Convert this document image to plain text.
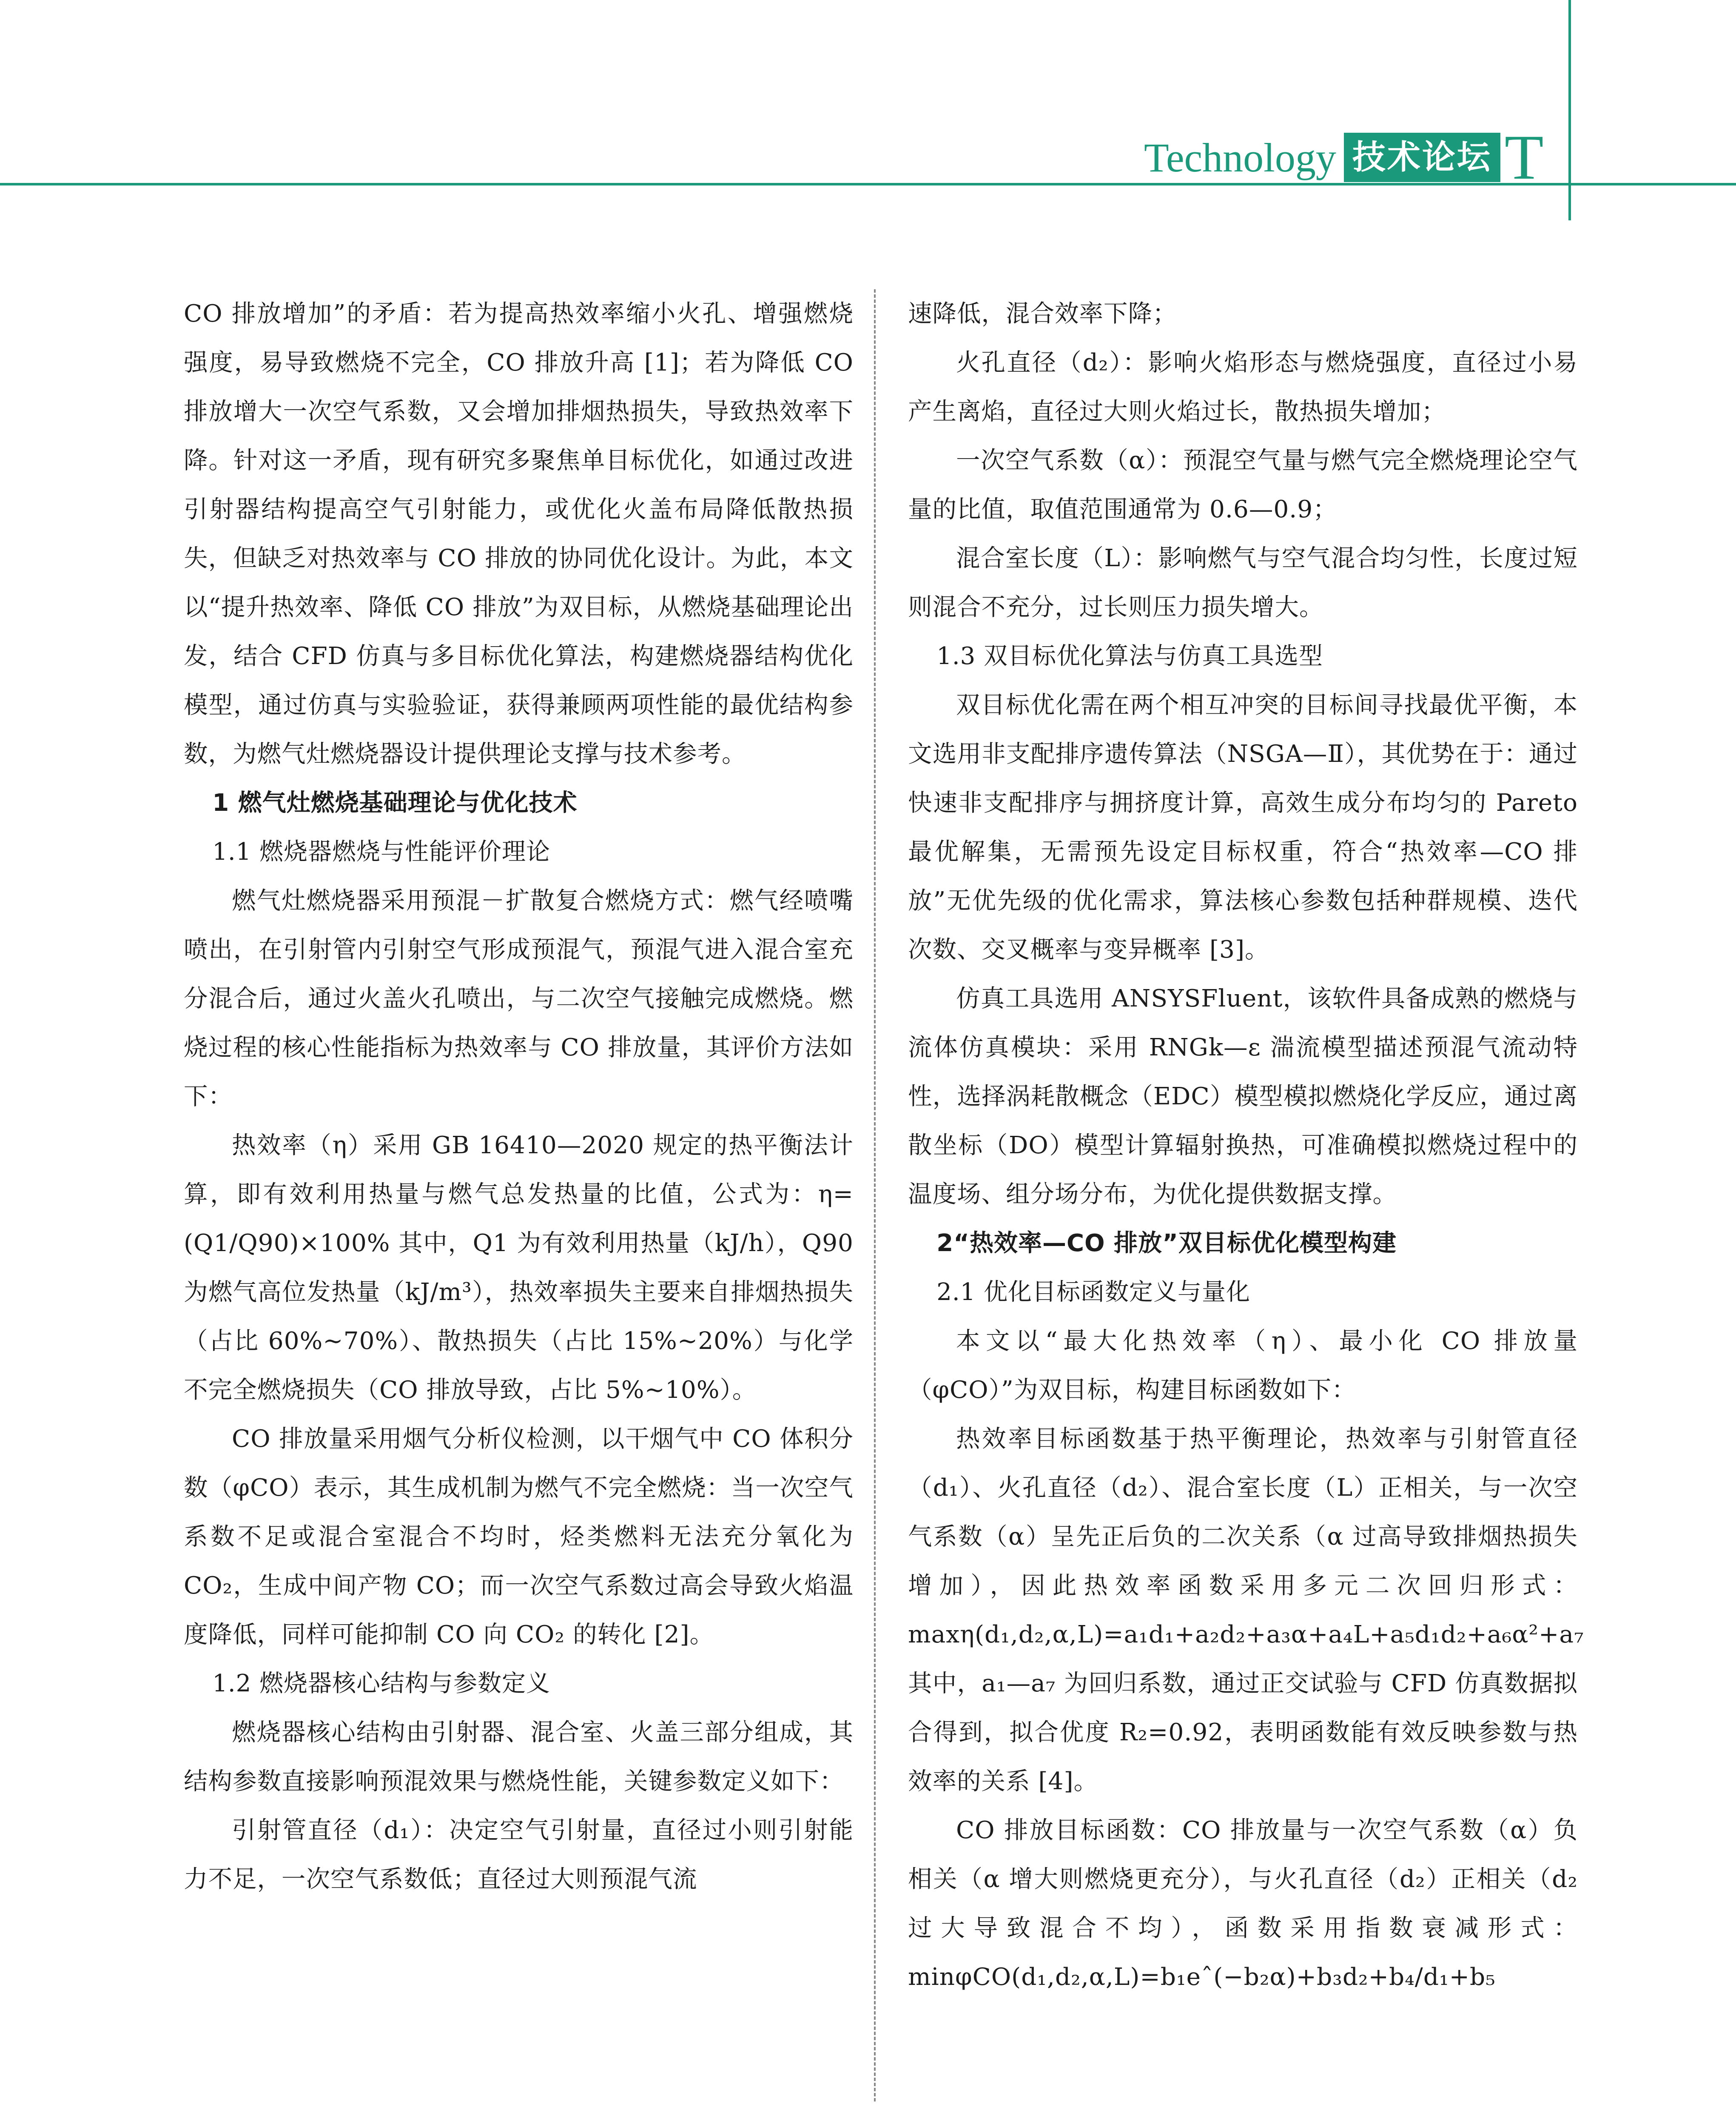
Technology 技术论坛 T

CO 排放增加”的矛盾：若为提高热效率缩小火孔、增强燃烧强度，易导致燃烧不完全，CO 排放升高 [1]；若为降低 CO 排放增大一次空气系数，又会增加排烟热损失，导致热效率下降。针对这一矛盾，现有研究多聚焦单目标优化，如通过改进引射器结构提高空气引射能力，或优化火盖布局降低散热损失，但缺乏对热效率与 CO 排放的协同优化设计。为此，本文以“提升热效率、降低 CO 排放”为双目标，从燃烧基础理论出发，结合 CFD 仿真与多目标优化算法，构建燃烧器结构优化模型，通过仿真与实验验证，获得兼顾两项性能的最优结构参数，为燃气灶燃烧器设计提供理论支撑与技术参考。

1 燃气灶燃烧基础理论与优化技术
1.1 燃烧器燃烧与性能评价理论

燃气灶燃烧器采用预混－扩散复合燃烧方式：燃气经喷嘴喷出，在引射管内引射空气形成预混气，预混气进入混合室充分混合后，通过火盖火孔喷出，与二次空气接触完成燃烧。燃烧过程的核心性能指标为热效率与 CO 排放量，其评价方法如下：

热效率（η）采用 GB 16410—2020 规定的热平衡法计算，即有效利用热量与燃气总发热量的比值，公式为：η=(Q1/Q90)×100% 其中，Q1 为有效利用热量（kJ/h），Q90 为燃气高位发热量（kJ/m³），热效率损失主要来自排烟热损失（占比 60%~70%）、散热损失（占比 15%~20%）与化学不完全燃烧损失（CO 排放导致，占比 5%~10%）。

CO 排放量采用烟气分析仪检测，以干烟气中 CO 体积分数（φCO）表示，其生成机制为燃气不完全燃烧：当一次空气系数不足或混合室混合不均时，烃类燃料无法充分氧化为 CO₂，生成中间产物 CO；而一次空气系数过高会导致火焰温度降低，同样可能抑制 CO 向 CO₂ 的转化 [2]。

1.2 燃烧器核心结构与参数定义

燃烧器核心结构由引射器、混合室、火盖三部分组成，其结构参数直接影响预混效果与燃烧性能，关键参数定义如下：

引射管直径（d₁）：决定空气引射量，直径过小则引射能力不足，一次空气系数低；直径过大则预混气流

速降低，混合效率下降；

火孔直径（d₂）：影响火焰形态与燃烧强度，直径过小易产生离焰，直径过大则火焰过长，散热损失增加；

一次空气系数（α）：预混空气量与燃气完全燃烧理论空气量的比值，取值范围通常为 0.6—0.9；

混合室长度（L）：影响燃气与空气混合均匀性，长度过短则混合不充分，过长则压力损失增大。

1.3 双目标优化算法与仿真工具选型

双目标优化需在两个相互冲突的目标间寻找最优平衡，本文选用非支配排序遗传算法（NSGA—Ⅱ），其优势在于：通过快速非支配排序与拥挤度计算，高效生成分布均匀的 Pareto 最优解集，无需预先设定目标权重，符合“热效率—CO 排放”无优先级的优化需求，算法核心参数包括种群规模、迭代次数、交叉概率与变异概率 [3]。

仿真工具选用 ANSYSFluent，该软件具备成熟的燃烧与流体仿真模块：采用 RNGk—ε 湍流模型描述预混气流动特性，选择涡耗散概念（EDC）模型模拟燃烧化学反应，通过离散坐标（DO）模型计算辐射换热，可准确模拟燃烧过程中的温度场、组分场分布，为优化提供数据支撑。

2“热效率—CO 排放”双目标优化模型构建
2.1 优化目标函数定义与量化

本文以“最大化热效率（η）、最小化 CO 排放量（φCO）”为双目标，构建目标函数如下：

热效率目标函数基于热平衡理论，热效率与引射管直径（d₁）、火孔直径（d₂）、混合室长度（L）正相关，与一次空气系数（α）呈先正后负的二次关系（α 过高导致排烟热损失增加），因此热效率函数采用多元二次回归形式：maxη(d₁,d₂,α,L)=a₁d₁+a₂d₂+a₃α+a₄L+a₅d₁d₂+a₆α²+a₇ 其中，a₁—a₇ 为回归系数，通过正交试验与 CFD 仿真数据拟合得到，拟合优度 R₂=0.92，表明函数能有效反映参数与热效率的关系 [4]。

CO 排放目标函数：CO 排放量与一次空气系数（α）负相关（α 增大则燃烧更充分），与火孔直径（d₂）正相关（d₂ 过大导致混合不均），函数采用指数衰减形式：minφCO(d₁,d₂,α,L)=b₁eˆ(−b₂α)+b₃d₂+b₄/d₁+b₅
